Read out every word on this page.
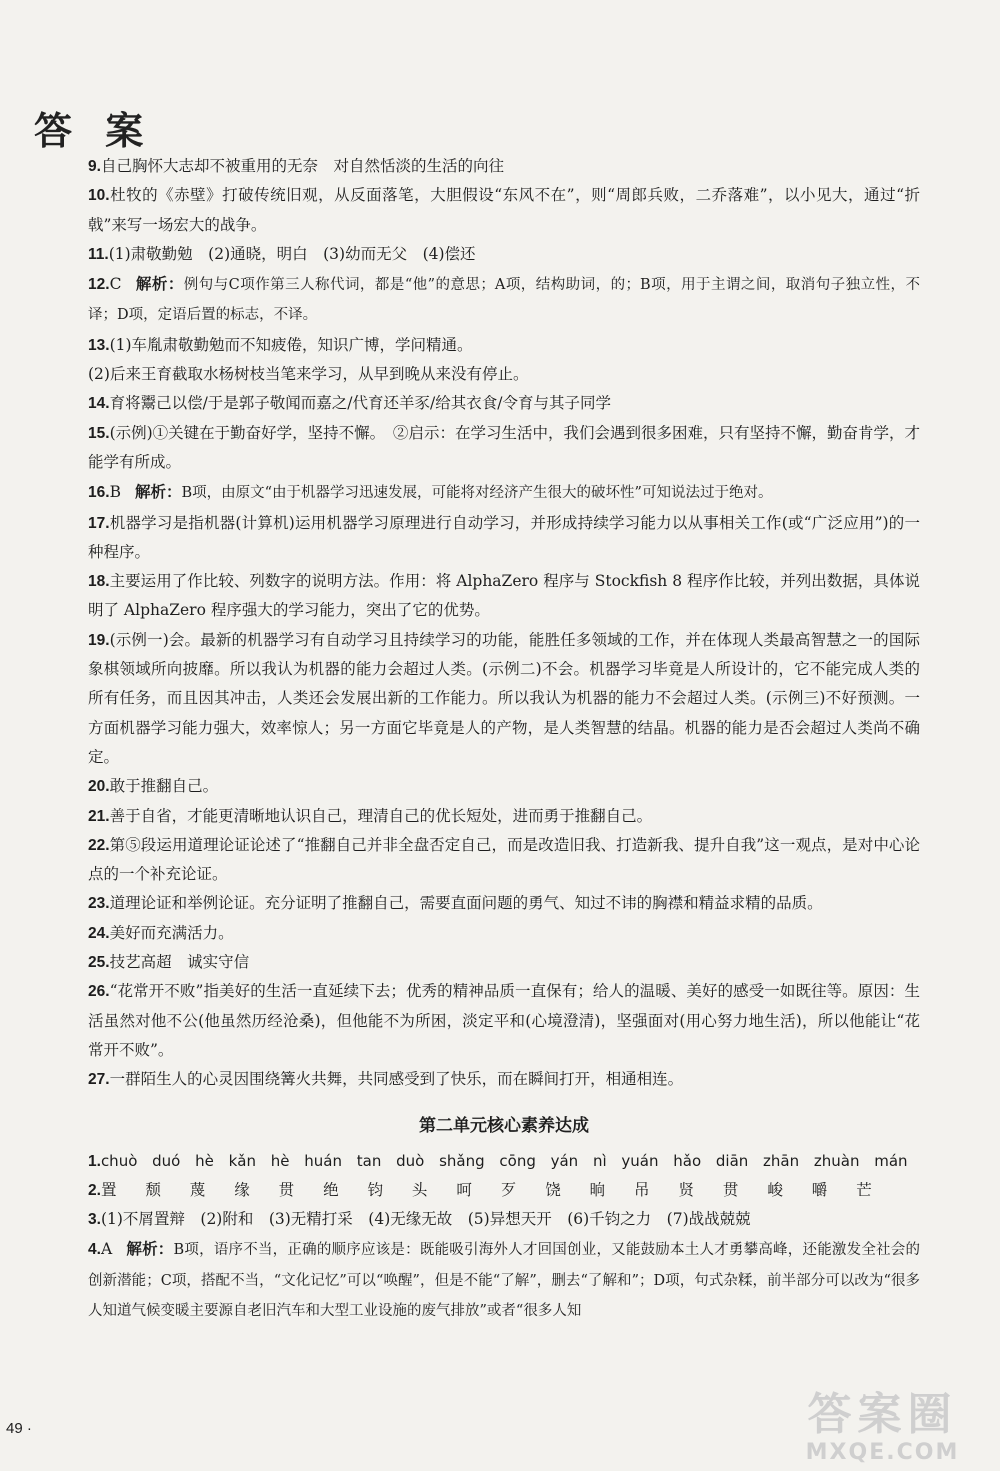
答 案
9.自己胸怀大志却不被重用的无奈　对自然恬淡的生活的向往
10.杜牧的《赤壁》打破传统旧观，从反面落笔，大胆假设“东风不在”，则“周郎兵败，二乔落难”，以小见大，通过“折戟”来写一场宏大的战争。
11.(1)肃敬勤勉　(2)通晓，明白　(3)幼而无父　(4)偿还
12.C 解析：例句与C项作第三人称代词，都是“他”的意思；A项，结构助词，的；B项，用于主谓之间，取消句子独立性，不译；D项，定语后置的标志，不译。
13.(1)车胤肃敬勤勉而不知疲倦，知识广博，学问精通。
(2)后来王育截取水杨树枝当笔来学习，从早到晚从来没有停止。
14.育将鬻己以偿/于是郭子敬闻而嘉之/代育还羊豕/给其衣食/令育与其子同学
15.(示例)①关键在于勤奋好学，坚持不懈。　②启示：在学习生活中，我们会遇到很多困难，只有坚持不懈，勤奋肯学，才能学有所成。
16.B 解析：B项，由原文“由于机器学习迅速发展，可能将对经济产生很大的破坏性”可知说法过于绝对。
17.机器学习是指机器(计算机)运用机器学习原理进行自动学习，并形成持续学习能力以从事相关工作(或“广泛应用”)的一种程序。
18.主要运用了作比较、列数字的说明方法。作用：将 AlphaZero 程序与 Stockfish 8 程序作比较，并列出数据，具体说明了 AlphaZero 程序强大的学习能力，突出了它的优势。
19.(示例一)会。最新的机器学习有自动学习且持续学习的功能，能胜任多领域的工作，并在体现人类最高智慧之一的国际象棋领域所向披靡。所以我认为机器的能力会超过人类。(示例二)不会。机器学习毕竟是人所设计的，它不能完成人类的所有任务，而且因其冲击，人类还会发展出新的工作能力。所以我认为机器的能力不会超过人类。(示例三)不好预测。一方面机器学习能力强大，效率惊人；另一方面它毕竟是人的产物，是人类智慧的结晶。机器的能力是否会超过人类尚不确定。
20.敢于推翻自己。
21.善于自省，才能更清晰地认识自己，理清自己的优长短处，进而勇于推翻自己。
22.第⑤段运用道理论证论述了“推翻自己并非全盘否定自己，而是改造旧我、打造新我、提升自我”这一观点，是对中心论点的一个补充论证。
23.道理论证和举例论证。充分证明了推翻自己，需要直面问题的勇气、知过不讳的胸襟和精益求精的品质。
24.美好而充满活力。
25.技艺高超　诚实守信
26.“花常开不败”指美好的生活一直延续下去；优秀的精神品质一直保有；给人的温暖、美好的感受一如既往等。原因：生活虽然对他不公(他虽然历经沧桑)，但他能不为所困，淡定平和(心境澄清)，坚强面对(用心努力地生活)，所以他能让“花常开不败”。
27.一群陌生人的心灵因围绕篝火共舞，共同感受到了快乐，而在瞬间打开，相通相连。
第二单元核心素养达成
1.chuò duó hè kǎn hè huán tan duò shǎng cōng yán nì yuán hǎo diān zhān zhuàn mán
2.置 颓 蔑 缘 贯 绝 钧 头 呵 歹 饶 晌 吊 贤 贯 峻 嚼 芒
3.(1)不屑置辩　(2)附和　(3)无精打采　(4)无缘无故　(5)异想天开　(6)千钧之力　(7)战战兢兢
4.A 解析：B项，语序不当，正确的顺序应该是：既能吸引海外人才回国创业，又能鼓励本土人才勇攀高峰，还能激发全社会的创新潜能；C项，搭配不当，“文化记忆”可以“唤醒”，但是不能“了解”，删去“了解和”；D项，句式杂糅，前半部分可以改为“很多人知道气候变暖主要源自老旧汽车和大型工业设施的废气排放”或者“很多人知
49 ·	答案圈
MXQE.COM
